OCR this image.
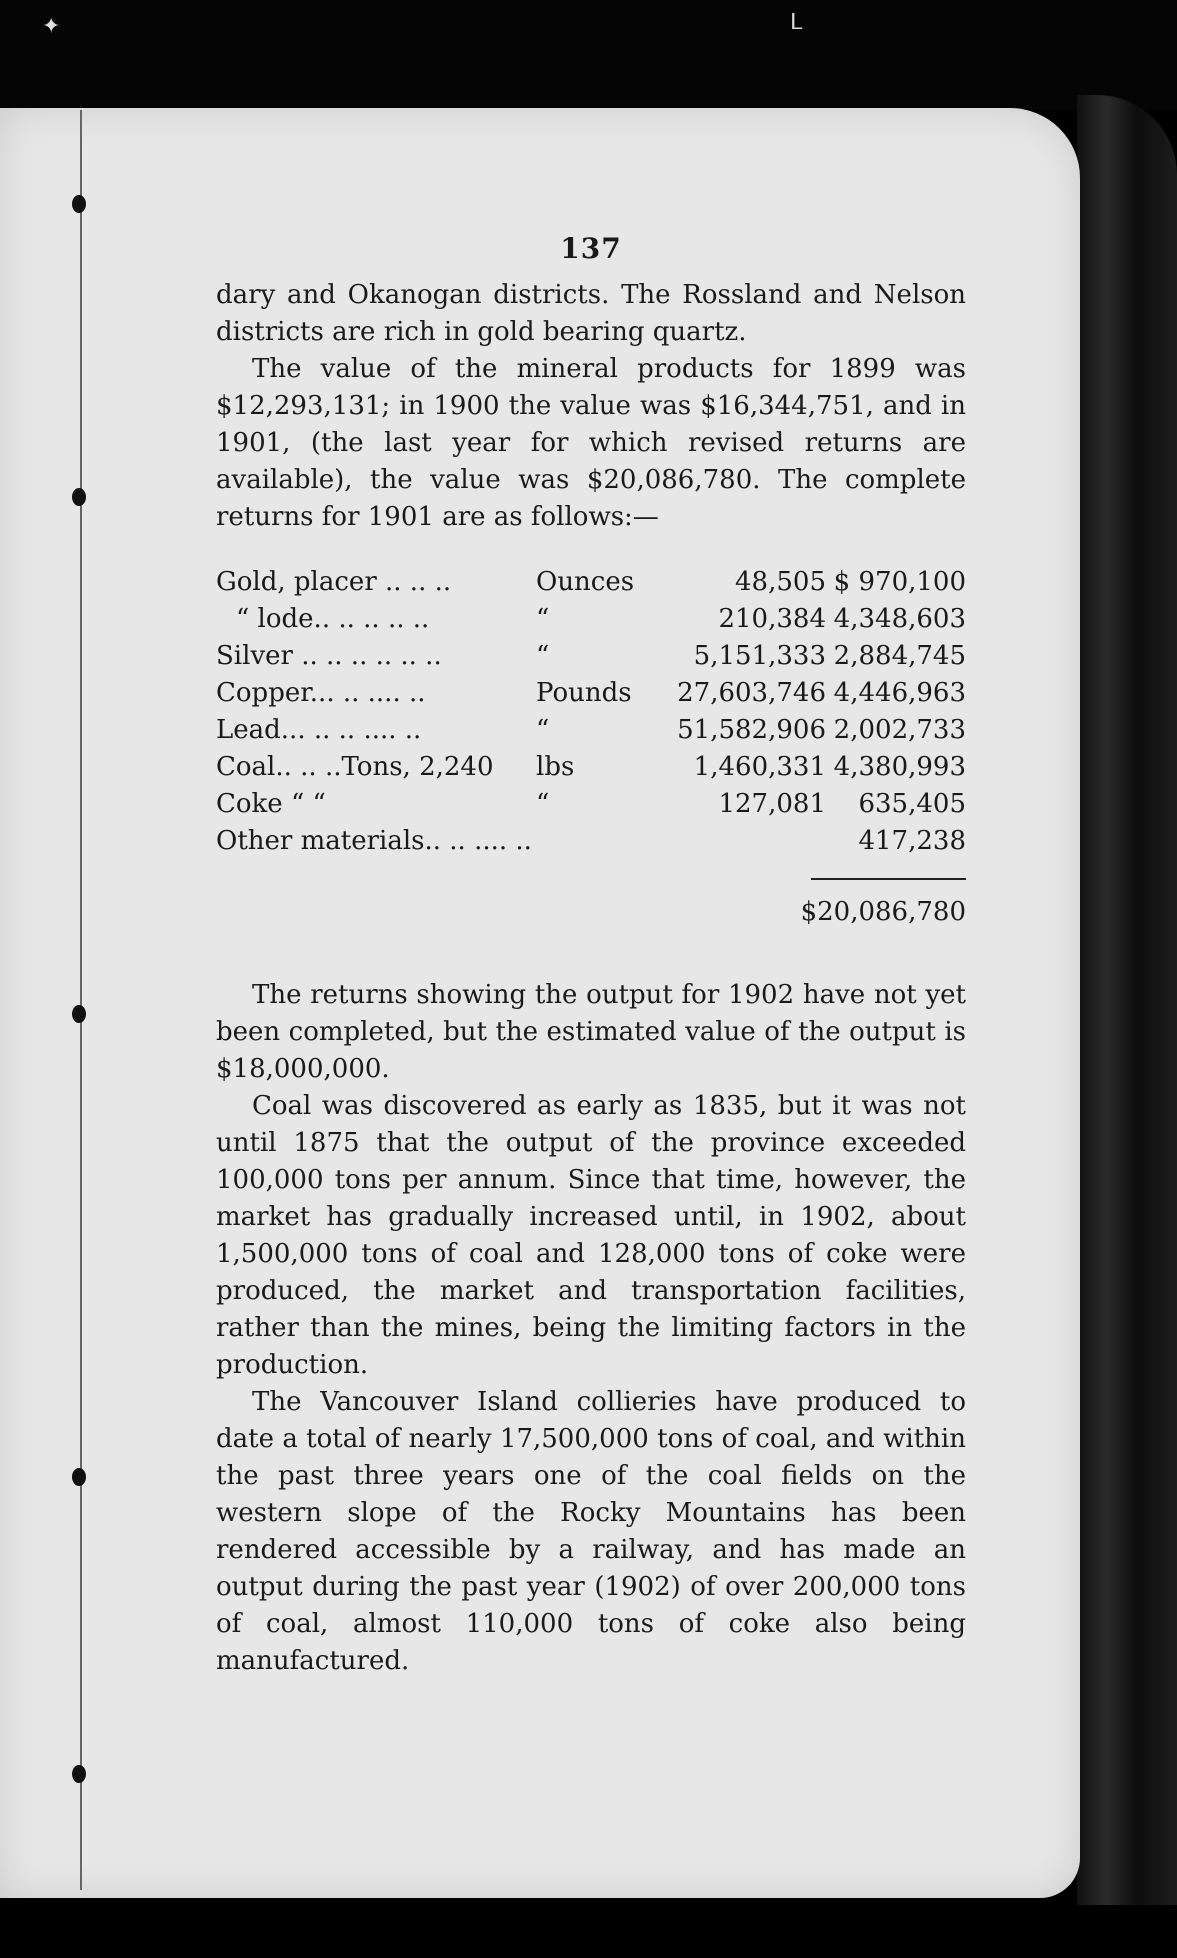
✦	ᒪ
137

dary and Okanogan districts. The Rossland and Nelson districts are rich in gold bearing quartz.

The value of the mineral products for 1899 was $12,293,131; in 1900 the value was $16,344,751, and in 1901, (the last year for which revised returns are available), the value was $20,086,780. The complete returns for 1901 are as follows:—

Gold, placer .. .. ..	Ounces	48,505	$ 970,100
“ lode.. .. .. .. ..	“	210,384	4,348,603
Silver .. .. .. .. .. ..	“	5,151,333	2,884,745
Copper... .. .... ..	Pounds	27,603,746	4,446,963
Lead... .. .. .... ..	“	51,582,906	2,002,733
Coal.. .. ..Tons, 2,240	lbs	1,460,331	4,380,993
Coke “ “	“	127,081	635,405
Other materials.. .. .... ..			417,238
$20,086,780

The returns showing the output for 1902 have not yet been completed, but the estimated value of the output is $18,000,000.

Coal was discovered as early as 1835, but it was not until 1875 that the output of the province exceeded 100,000 tons per annum. Since that time, however, the market has gradually increased until, in 1902, about 1,500,000 tons of coal and 128,000 tons of coke were produced, the market and transportation facilities, rather than the mines, being the limiting factors in the production.

The Vancouver Island collieries have produced to date a total of nearly 17,500,000 tons of coal, and within the past three years one of the coal fields on the western slope of the Rocky Mountains has been rendered accessible by a railway, and has made an output during the past year (1902) of over 200,000 tons of coal, almost 110,000 tons of coke also being manufactured.
